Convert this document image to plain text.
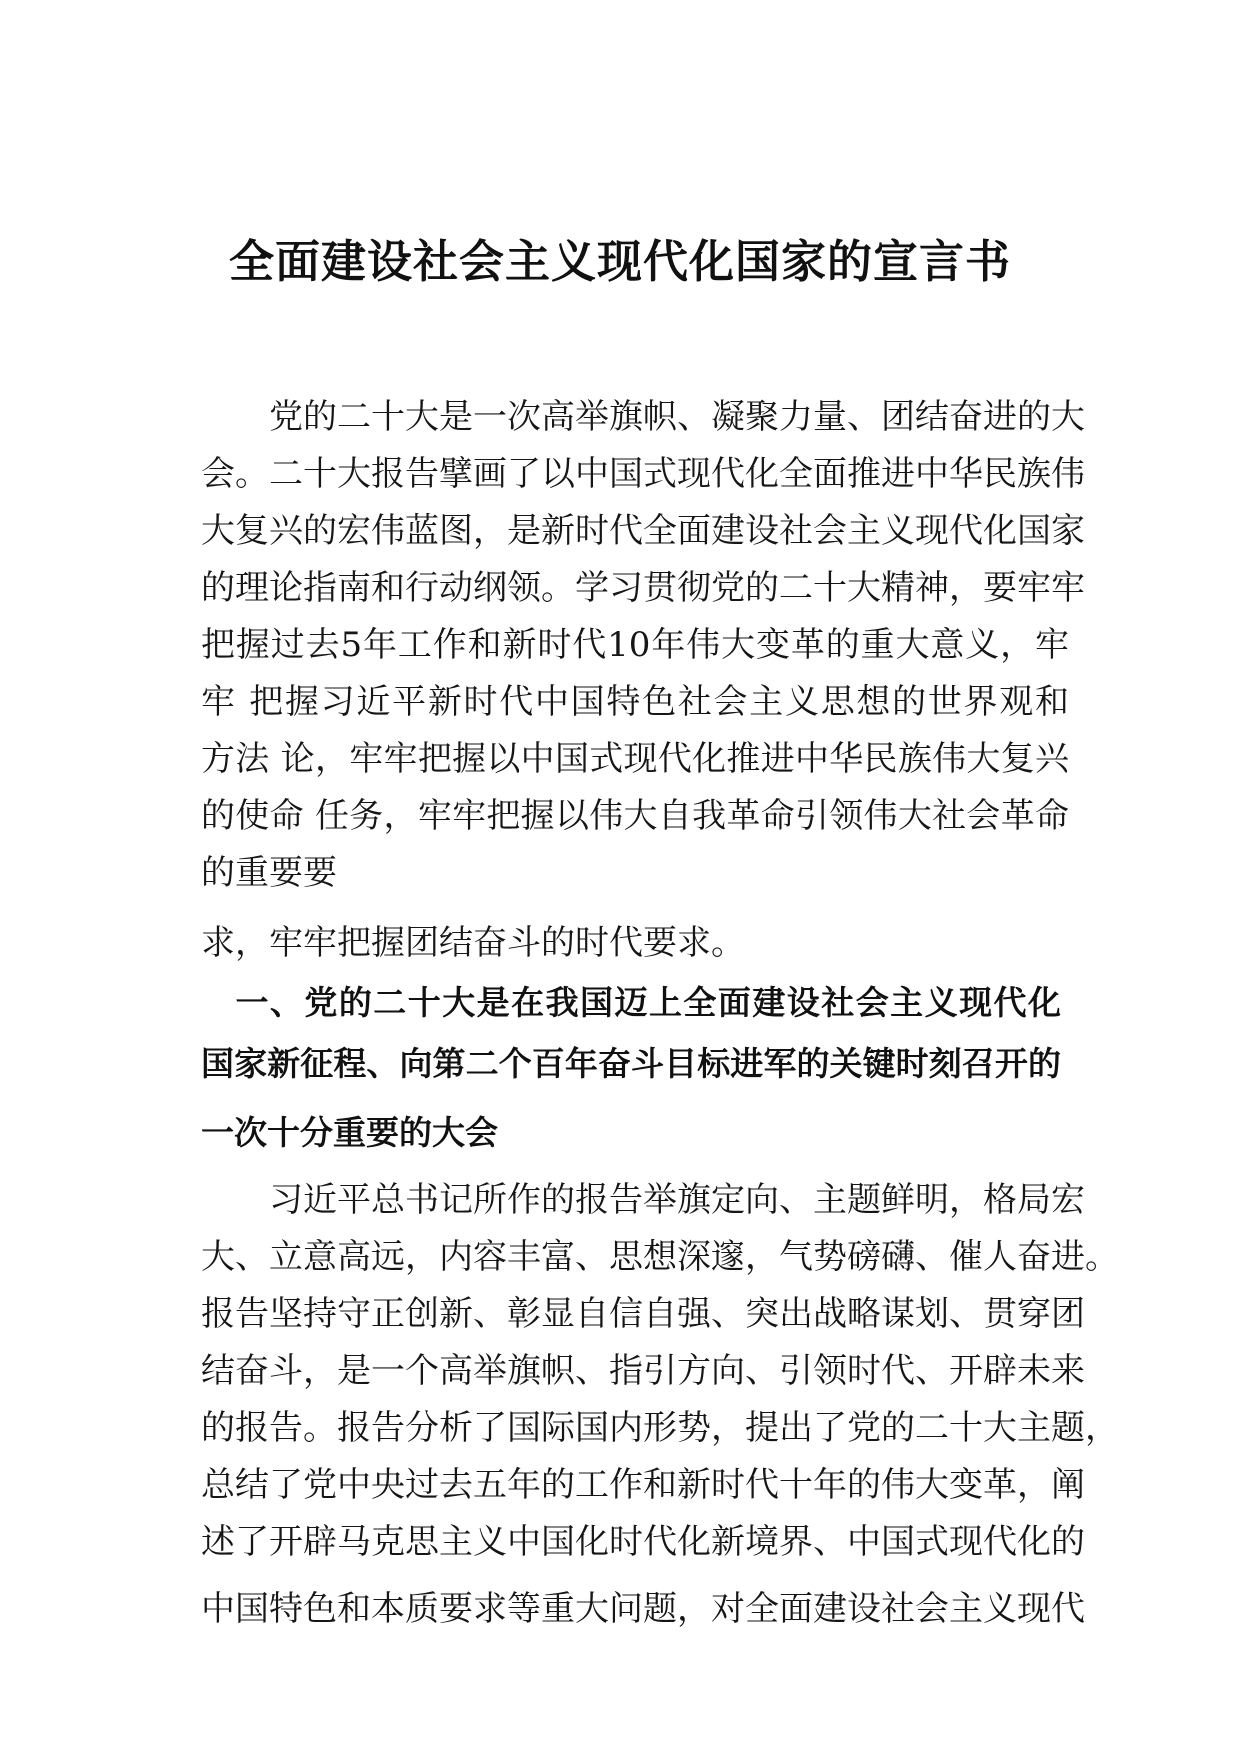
全面建设社会主义现代化国家的宣言书

　　党的二十大是一次高举旗帜、凝聚力量、团结奋进的大

会。二十大报告擘画了以中国式现代化全面推进中华民族伟

大复兴的宏伟蓝图，是新时代全面建设社会主义现代化国家

的理论指南和行动纲领。学习贯彻党的二十大精神，要牢牢

把握过去5年工作和新时代10年伟大变革的重大意义，牢

牢 把握习近平新时代中国特色社会主义思想的世界观和

方法 论，牢牢把握以中国式现代化推进中华民族伟大复兴

的使命 任务，牢牢把握以伟大自我革命引领伟大社会革命

的重要要

求，牢牢把握团结奋斗的时代要求。

　一、党的二十大是在我国迈上全面建设社会主义现代化

国家新征程、向第二个百年奋斗目标进军的关键时刻召开的

一次十分重要的大会

　　习近平总书记所作的报告举旗定向、主题鲜明，格局宏

大、立意高远，内容丰富、思想深邃，气势磅礴、催人奋进。

报告坚持守正创新、彰显自信自强、突出战略谋划、贯穿团

结奋斗，是一个高举旗帜、指引方向、引领时代、开辟未来

的报告。报告分析了国际国内形势，提出了党的二十大主题，

总结了党中央过去五年的工作和新时代十年的伟大变革，阐

述了开辟马克思主义中国化时代化新境界、中国式现代化的

中国特色和本质要求等重大问题，对全面建设社会主义现代
